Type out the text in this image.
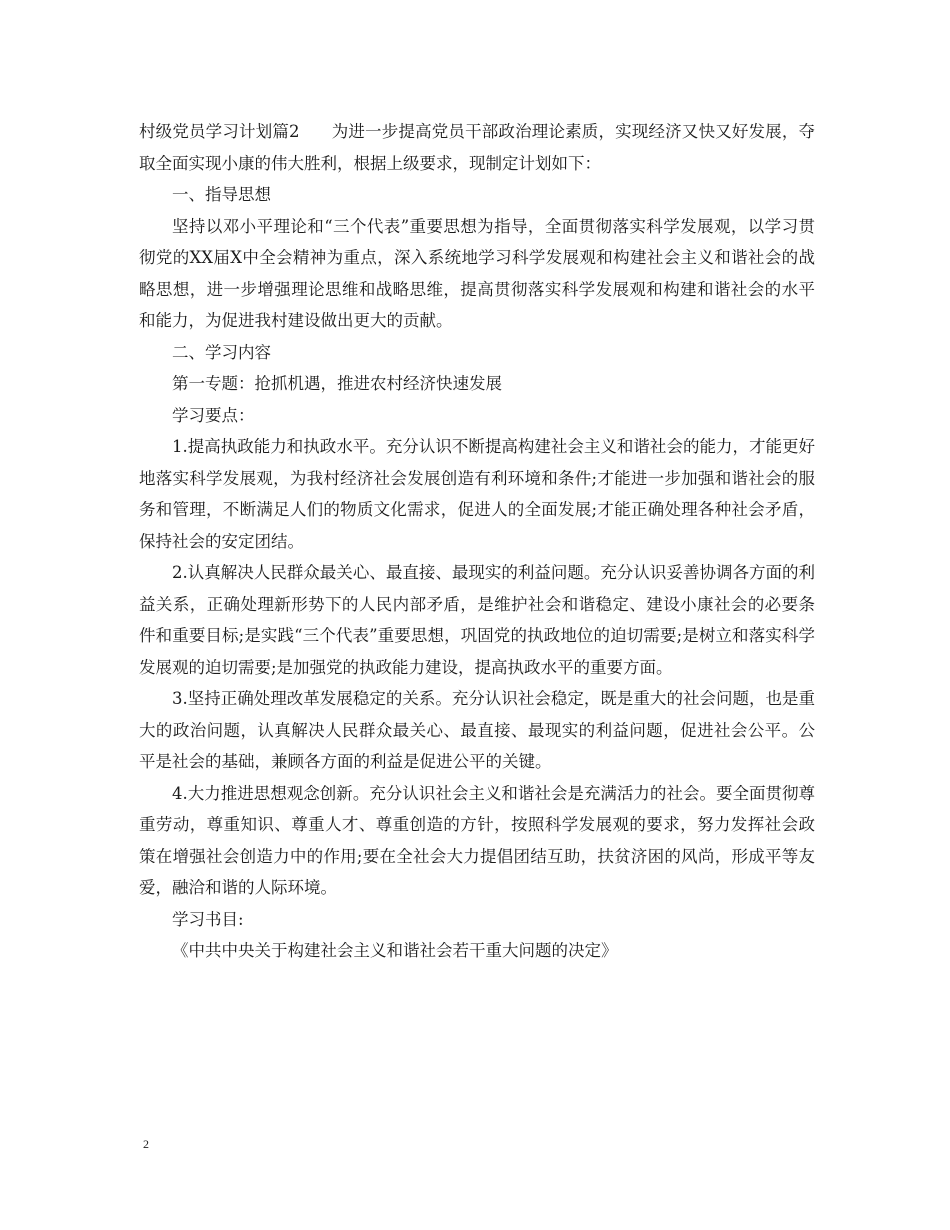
村级党员学习计划篇2 为进一步提高党员干部政治理论素质，实现经济又快又好发展，夺取全面实现小康的伟大胜利，根据上级要求，现制定计划如下：

一、指导思想

坚持以邓小平理论和“三个代表”重要思想为指导，全面贯彻落实科学发展观，以学习贯彻党的XX届X中全会精神为重点，深入系统地学习科学发展观和构建社会主义和谐社会的战略思想，进一步增强理论思维和战略思维，提高贯彻落实科学发展观和构建和谐社会的水平和能力，为促进我村建设做出更大的贡献。

二、学习内容

第一专题：抢抓机遇，推进农村经济快速发展

学习要点：

1.提高执政能力和执政水平。充分认识不断提高构建社会主义和谐社会的能力，才能更好地落实科学发展观，为我村经济社会发展创造有利环境和条件;才能进一步加强和谐社会的服务和管理，不断满足人们的物质文化需求，促进人的全面发展;才能正确处理各种社会矛盾，保持社会的安定团结。

2.认真解决人民群众最关心、最直接、最现实的利益问题。充分认识妥善协调各方面的利益关系，正确处理新形势下的人民内部矛盾，是维护社会和谐稳定、建设小康社会的必要条件和重要目标;是实践“三个代表”重要思想，巩固党的执政地位的迫切需要;是树立和落实科学发展观的迫切需要;是加强党的执政能力建设，提高执政水平的重要方面。

3.坚持正确处理改革发展稳定的关系。充分认识社会稳定，既是重大的社会问题，也是重大的政治问题，认真解决人民群众最关心、最直接、最现实的利益问题，促进社会公平。公平是社会的基础，兼顾各方面的利益是促进公平的关键。

4.大力推进思想观念创新。充分认识社会主义和谐社会是充满活力的社会。要全面贯彻尊重劳动，尊重知识、尊重人才、尊重创造的方针，按照科学发展观的要求，努力发挥社会政策在增强社会创造力中的作用;要在全社会大力提倡团结互助，扶贫济困的风尚，形成平等友爱，融洽和谐的人际环境。

学习书目:

《中共中央关于构建社会主义和谐社会若干重大问题的决定》

2
